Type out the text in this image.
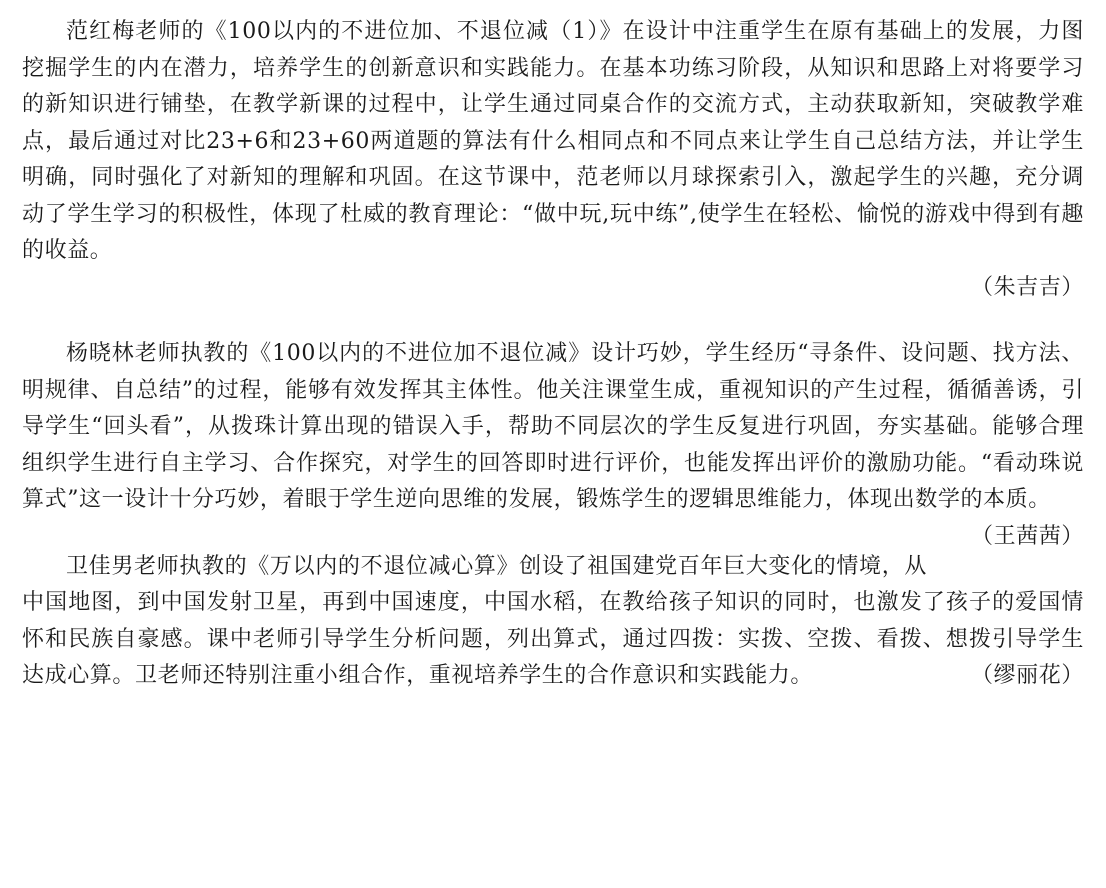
范红梅老师的《100以内的不进位加、不退位减（1）》在设计中注重学生在原有基础上的发展，力图挖掘学生的内在潜力，培养学生的创新意识和实践能力。在基本功练习阶段，从知识和思路上对将要学习的新知识进行铺垫，在教学新课的过程中，让学生通过同桌合作的交流方式，主动获取新知，突破教学难点，最后通过对比23+6和23+60两道题的算法有什么相同点和不同点来让学生自己总结方法，并让学生明确，同时强化了对新知的理解和巩固。在这节课中，范老师以月球探索引入，激起学生的兴趣，充分调动了学生学习的积极性，体现了杜威的教育理论：“做中玩,玩中练”,使学生在轻松、愉悦的游戏中得到有趣的收益。

（朱吉吉）

杨晓林老师执教的《100以内的不进位加不退位减》设计巧妙，学生经历“寻条件、设问题、找方法、明规律、自总结”的过程，能够有效发挥其主体性。他关注课堂生成，重视知识的产生过程，循循善诱，引导学生“回头看”，从拨珠计算出现的错误入手，帮助不同层次的学生反复进行巩固，夯实基础。能够合理组织学生进行自主学习、合作探究，对学生的回答即时进行评价，也能发挥出评价的激励功能。“看动珠说算式”这一设计十分巧妙，着眼于学生逆向思维的发展，锻炼学生的逻辑思维能力，体现出数学的本质。
（王茜茜）

卫佳男老师执教的《万以内的不退位减心算》创设了祖国建党百年巨大变化的情境，从中国地图，到中国发射卫星，再到中国速度，中国水稻，在教给孩子知识的同时，也激发了孩子的爱国情怀和民族自豪感。课中老师引导学生分析问题，列出算式，通过四拨：实拨、空拨、看拨、想拨引导学生达成心算。卫老师还特别注重小组合作，重视培养学生的合作意识和实践能力。	（缪丽花）
